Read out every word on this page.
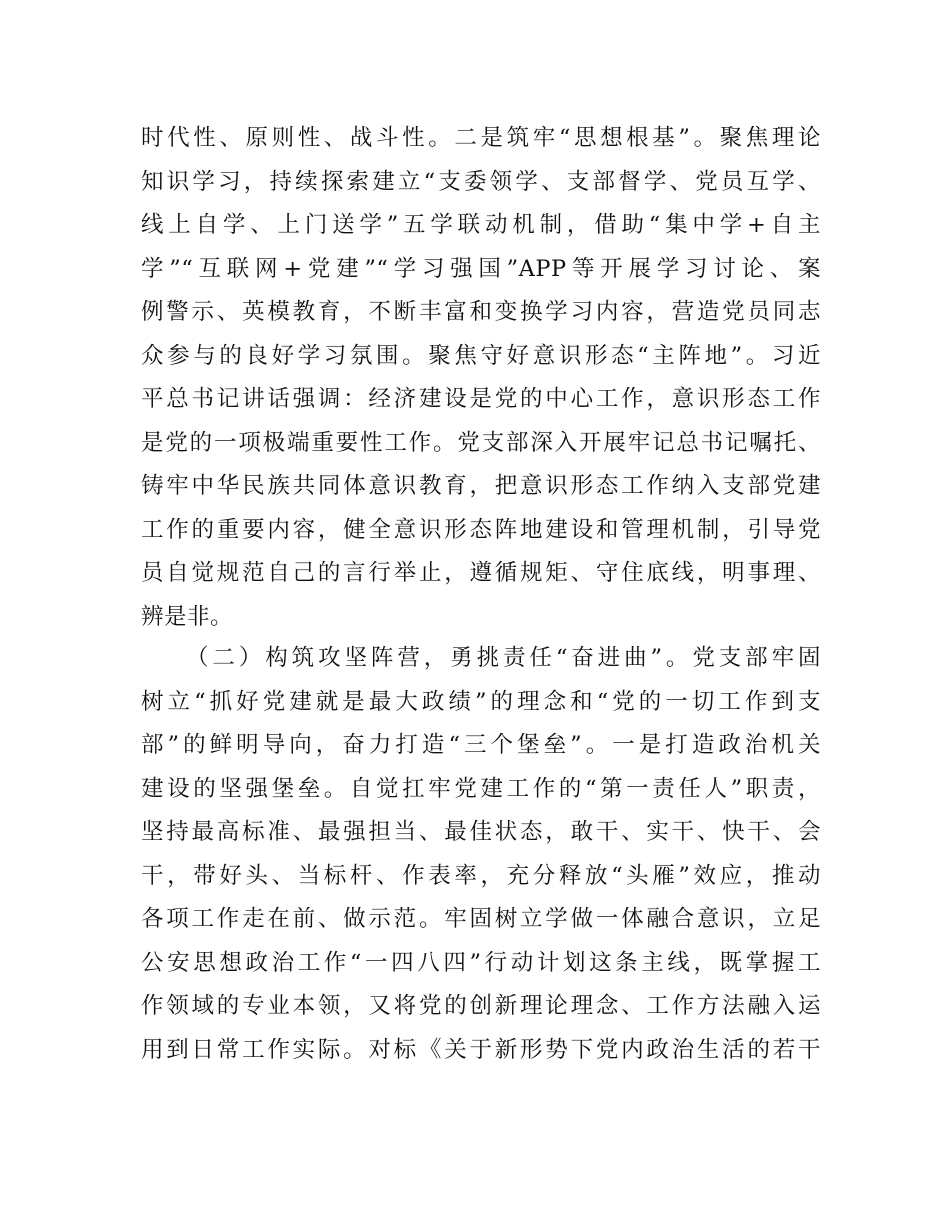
时代性、原则性、战斗性。二是筑牢“思想根基”。聚焦理论
知识学习，持续探索建立“支委领学、支部督学、党员互学、
线上自学、上门送学”五学联动机制，借助“集中学+自主
学”“互联网+党建”“学习强国”APP等开展学习讨论、案
例警示、英模教育，不断丰富和变换学习内容，营造党员同志
众参与的良好学习氛围。聚焦守好意识形态“主阵地”。习近
平总书记讲话强调：经济建设是党的中心工作，意识形态工作
是党的一项极端重要性工作。党支部深入开展牢记总书记嘱托、
铸牢中华民族共同体意识教育，把意识形态工作纳入支部党建
工作的重要内容，健全意识形态阵地建设和管理机制，引导党
员自觉规范自己的言行举止，遵循规矩、守住底线，明事理、
辨是非。
（二）构筑攻坚阵营，勇挑责任“奋进曲”。党支部牢固
树立“抓好党建就是最大政绩”的理念和“党的一切工作到支
部”的鲜明导向，奋力打造“三个堡垒”。一是打造政治机关
建设的坚强堡垒。自觉扛牢党建工作的“第一责任人”职责，
坚持最高标准、最强担当、最佳状态，敢干、实干、快干、会
干，带好头、当标杆、作表率，充分释放“头雁”效应，推动
各项工作走在前、做示范。牢固树立学做一体融合意识，立足
公安思想政治工作“一四八四”行动计划这条主线，既掌握工
作领域的专业本领，又将党的创新理论理念、工作方法融入运
用到日常工作实际。对标《关于新形势下党内政治生活的若干
